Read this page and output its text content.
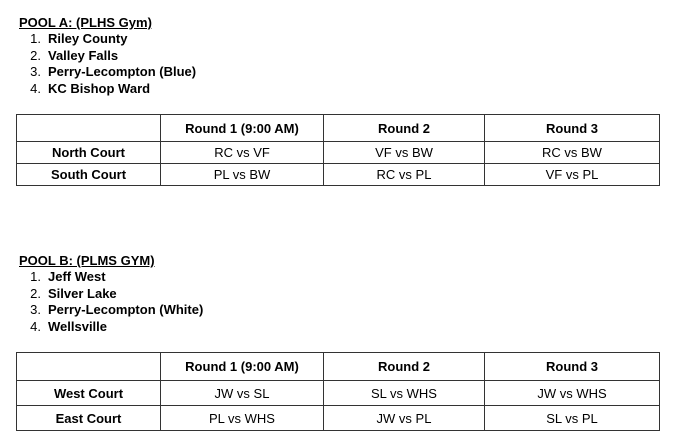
POOL A: (PLHS Gym)

1. Riley County
2. Valley Falls
3. Perry-Lecompton (Blue)
4. KC Bishop Ward
	Round 1 (9:00 AM)	Round 2	Round 3
North Court	RC vs VF	VF vs BW	RC vs BW
South Court	PL vs BW	RC vs PL	VF vs PL

POOL B: (PLMS GYM)

1. Jeff West
2. Silver Lake
3. Perry-Lecompton (White)
4. Wellsville
	Round 1 (9:00 AM)	Round 2	Round 3
West Court	JW vs SL	SL vs WHS	JW vs WHS
East Court	PL vs WHS	JW vs PL	SL vs PL
